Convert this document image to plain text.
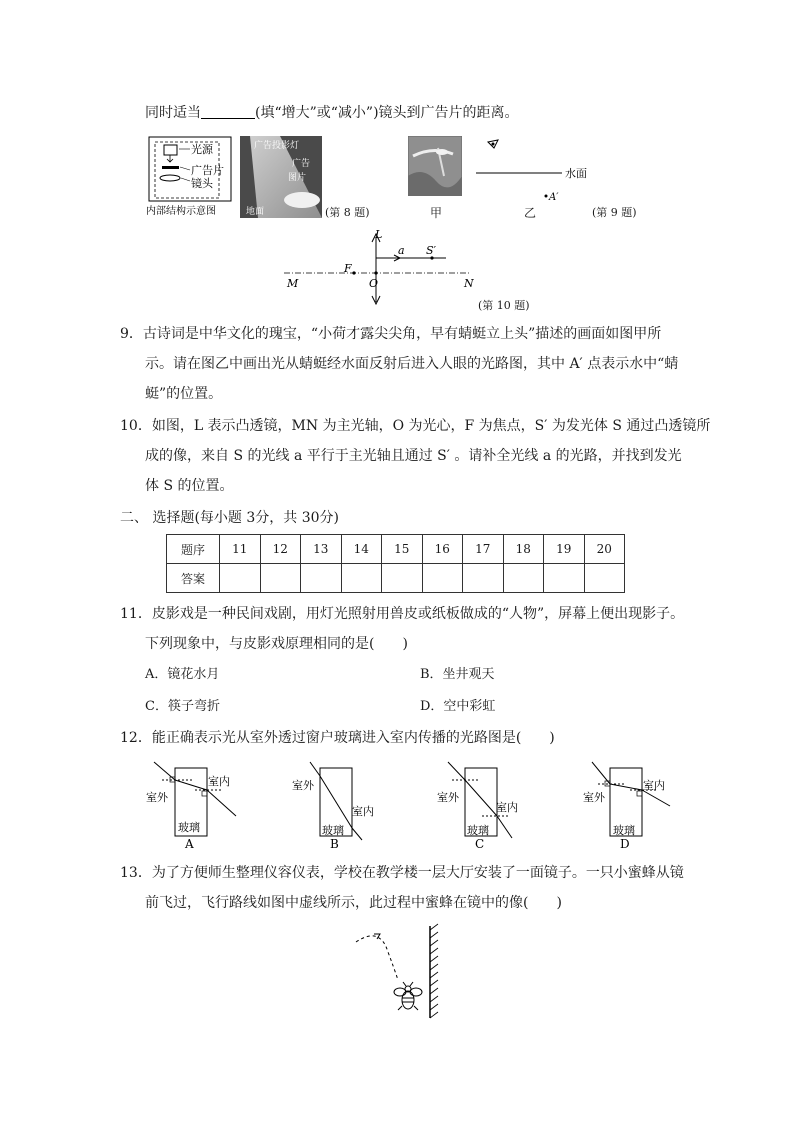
同时适当	(填“增大”或“减小”)镜头到广告片的距离。
光源
广告片
镜头
内部结构示意图
广告投影灯
广告
图片
地面	(第 8 题)	甲
水面
A′
乙	(第 9 题)
L
a S′
F
O
M	N
(第 10 题)
9．古诗词是中华文化的瑰宝，“小荷才露尖尖角，早有蜻蜓立上头”描述的画面如图甲所
示。请在图乙中画出光从蜻蜓经水面反射后进入人眼的光路图，其中 A′ 点表示水中“蜻
蜓”的位置。
10．如图，L 表示凸透镜，MN 为主光轴，O 为光心，F 为焦点，S′ 为发光体 S 通过凸透镜所
成的像，来自 S 的光线 a 平行于主光轴且通过 S′ 。请补全光线 a 的光路，并找到发光
体 S 的位置。
二、 选择题(每小题 3分，共 30分)
题序	11	12	13	14	15	16	17	18	19	20
答案										
11．皮影戏是一种民间戏剧，用灯光照射用兽皮或纸板做成的“人物”，屏幕上便出现影子。
下列现象中，与皮影戏原理相同的是(　　)
A．镜花水月	B．坐井观天
C．筷子弯折	D．空中彩虹
12．能正确表示光从室外透过窗户玻璃进入室内传播的光路图是(　　)
室外
室内
玻璃
A
室外
室内
玻璃
B
室外
室内
玻璃
C
室外
室内
玻璃
D
13．为了方便师生整理仪容仪表，学校在教学楼一层大厅安装了一面镜子。一只小蜜蜂从镜
前飞过，飞行路线如图中虚线所示，此过程中蜜蜂在镜中的像(　　)
